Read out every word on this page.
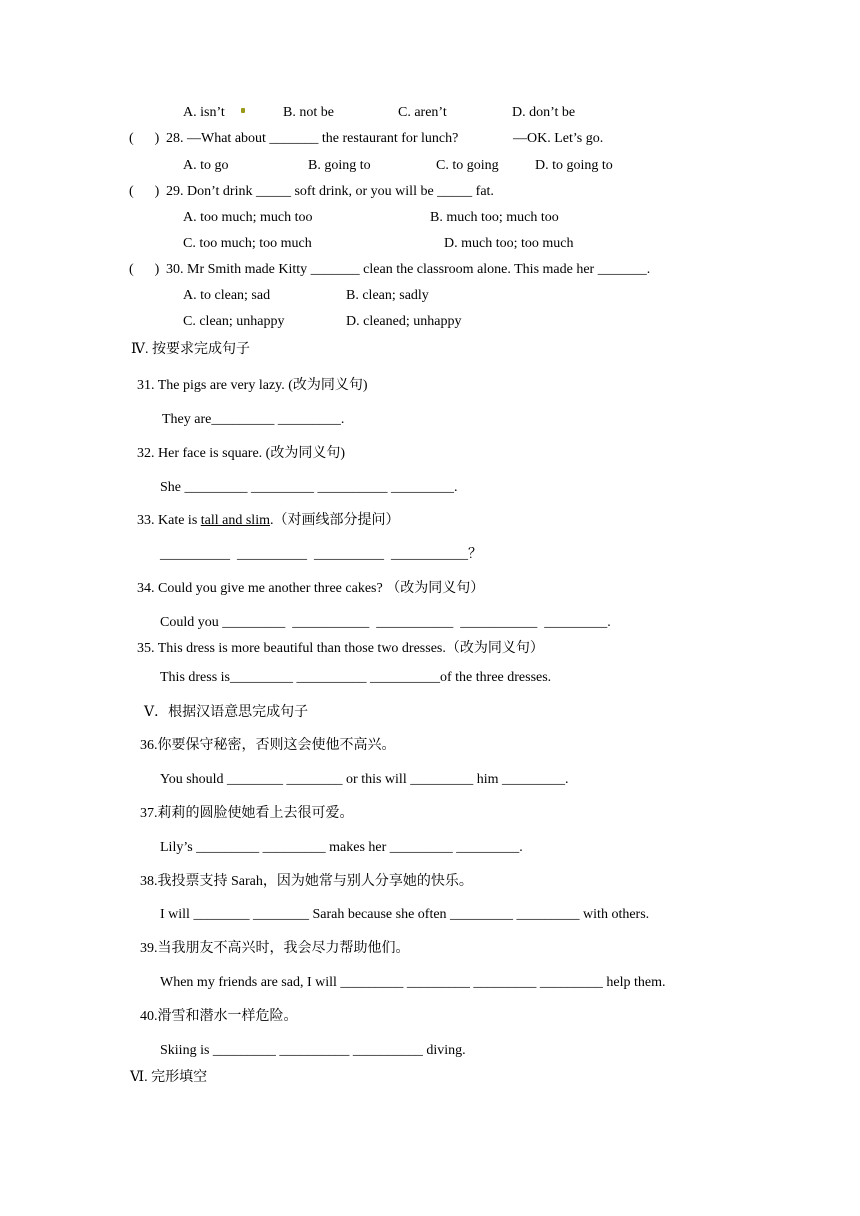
A. isn’t	B. not be	C. aren’t	D. don’t be
(      ) 28. —What about _______ the restaurant for lunch?	—OK. Let’s go.
A. to go	B. going to	C. to going	D. to going to
(      ) 29. Don’t drink _____ soft drink, or you will be _____ fat.
A. too much; much too	B. much too; much too
C. too much; too much	D. much too; too much
(      ) 30. Mr Smith made Kitty _______ clean the classroom alone. This made her _______.
A. to clean; sad	B. clean; sadly
C. clean; unhappy	D. cleaned; unhappy
Ⅳ. 按要求完成句子
31. The pigs are very lazy. (改为同义句)
They are_________ _________.
32. Her face is square. (改为同义句)
She _________ _________ __________ _________.
33. Kate is tall and slim.（对画线部分提问）
__________  __________  __________  ___________？
34. Could you give me another three cakes? （改为同义句）
Could you _________  ___________  ___________  ___________  _________.
35. This dress is more beautiful than those two dresses.（改为同义句）
This dress is_________ __________ __________of the three dresses.
Ⅴ．根据汉语意思完成句子
36.你要保守秘密，否则这会使他不高兴。
You should ________ ________ or this will _________ him _________.
37.莉莉的圆脸使她看上去很可爱。
Lily’s _________ _________ makes her _________ _________.
38.我投票支持 Sarah，因为她常与别人分享她的快乐。
I will ________ ________ Sarah because she often _________ _________ with others.
39.当我朋友不高兴时，我会尽力帮助他们。
When my friends are sad, I will _________ _________ _________ _________ help them.
40.滑雪和潜水一样危险。
Skiing is _________ __________ __________ diving.
Ⅵ. 完形填空
